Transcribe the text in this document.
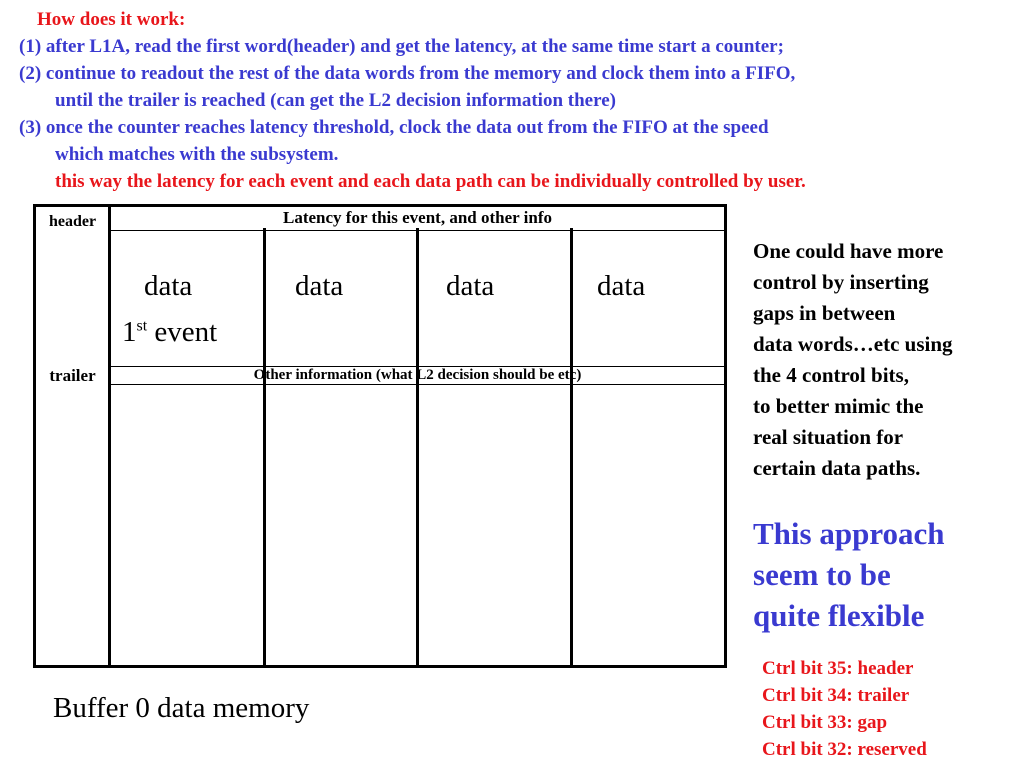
How does it work:
(1) after L1A, read the first word(header) and get the latency, at the same time start a counter;
(2) continue to readout the rest of the data words from the memory and clock them into a FIFO,
until the trailer is reached (can get the L2 decision information there)
(3) once the counter reaches latency threshold, clock the data out from the FIFO at the speed
which matches with the subsystem.
this way the latency for each event and each data path can be individually controlled by user.
header	Latency for this event, and other info
data	data	data	data
1st event
trailer	Other information (what L2 decision should be etc)
Buffer 0 data memory
One could have more
control by inserting
gaps in between
data words…etc using
the 4 control bits,
to better mimic the
real situation for
certain data paths.
This approach
seem to be
quite flexible
Ctrl bit 35: header
Ctrl bit 34: trailer
Ctrl bit 33: gap
Ctrl bit 32: reserved
